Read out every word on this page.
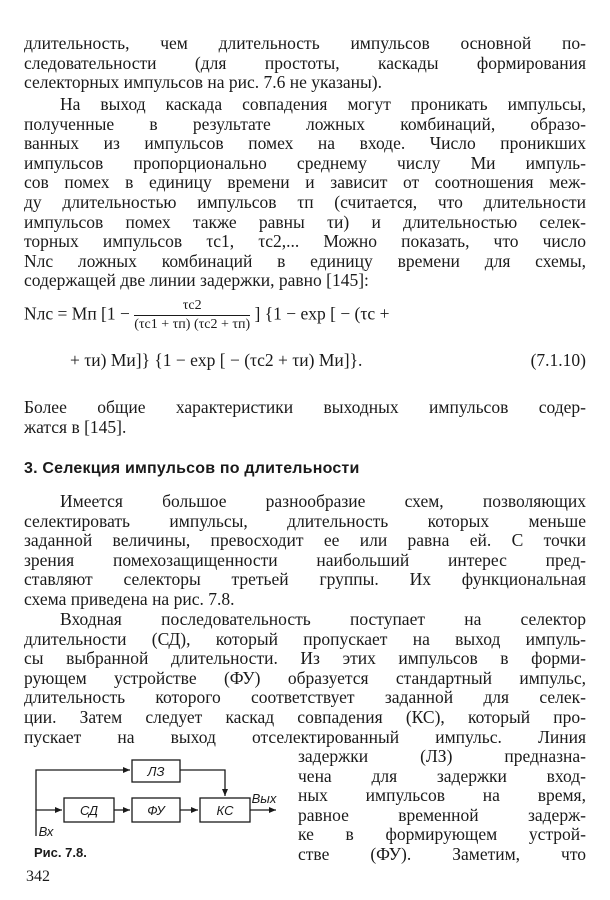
длительность, чем длительность импульсов основной по-
следовательности (для простоты, каскады формирования
селекторных импульсов на рис. 7.6 не указаны).
На выход каскада совпадения могут проникать импульсы,
полученные в результате ложных комбинаций, образо-
ванных из импульсов помех на входе. Число проникших
импульсов пропорционально среднему числу Mи импуль-
сов помех в единицу времени и зависит от соотношения меж-
ду длительностью импульсов τп (считается, что длительности
импульсов помех также равны τи) и длительностью селек-
торных импульсов τс1, τс2,... Можно показать, что число
Nлс ложных комбинаций в единицу времени для схемы,
содержащей две линии задержки, равно [145]:
Nлс = Mп [$1 - \frac{\tau с2}{(\tau с1 + \tau п) (\tau с2 + \tau п)}$ ] {1 − exp [ − (τс +
+ τи) Mи]} {1 − exp [ − (τс2 + τи) Mи]}.	(7.1.10)
Более общие характеристики выходных импульсов содер-
жатся в [145].
3. Селекция импульсов по длительности
Имеется большое разнообразие схем, позволяющих
селектировать импульсы, длительность которых меньше
заданной величины, превосходит ее или равна ей. С точки
зрения помехозащищенности наибольший интерес пред-
ставляют селекторы третьей группы. Их функциональная
схема приведена на рис. 7.8.
Входная последовательность поступает на селектор
длительности (СД), который пропускает на выход импуль-
сы выбранной длительности. Из этих импульсов в форми-
рующем устройстве (ФУ) образуется стандартный импульс,
длительность которого соответствует заданной для селек-
ции. Затем следует каскад совпадения (КС), который про-
пускает на выход отселектированный импульс. Линия
задержки (ЛЗ) предназна-
чена для задержки вход-
ных импульсов на время,
равное временной задерж-
ке в формирующем устрой-
стве (ФУ). Заметим, что
ЛЗ
СД	ФУ	КС
Вх
Вых
Рис. 7.8.
342
